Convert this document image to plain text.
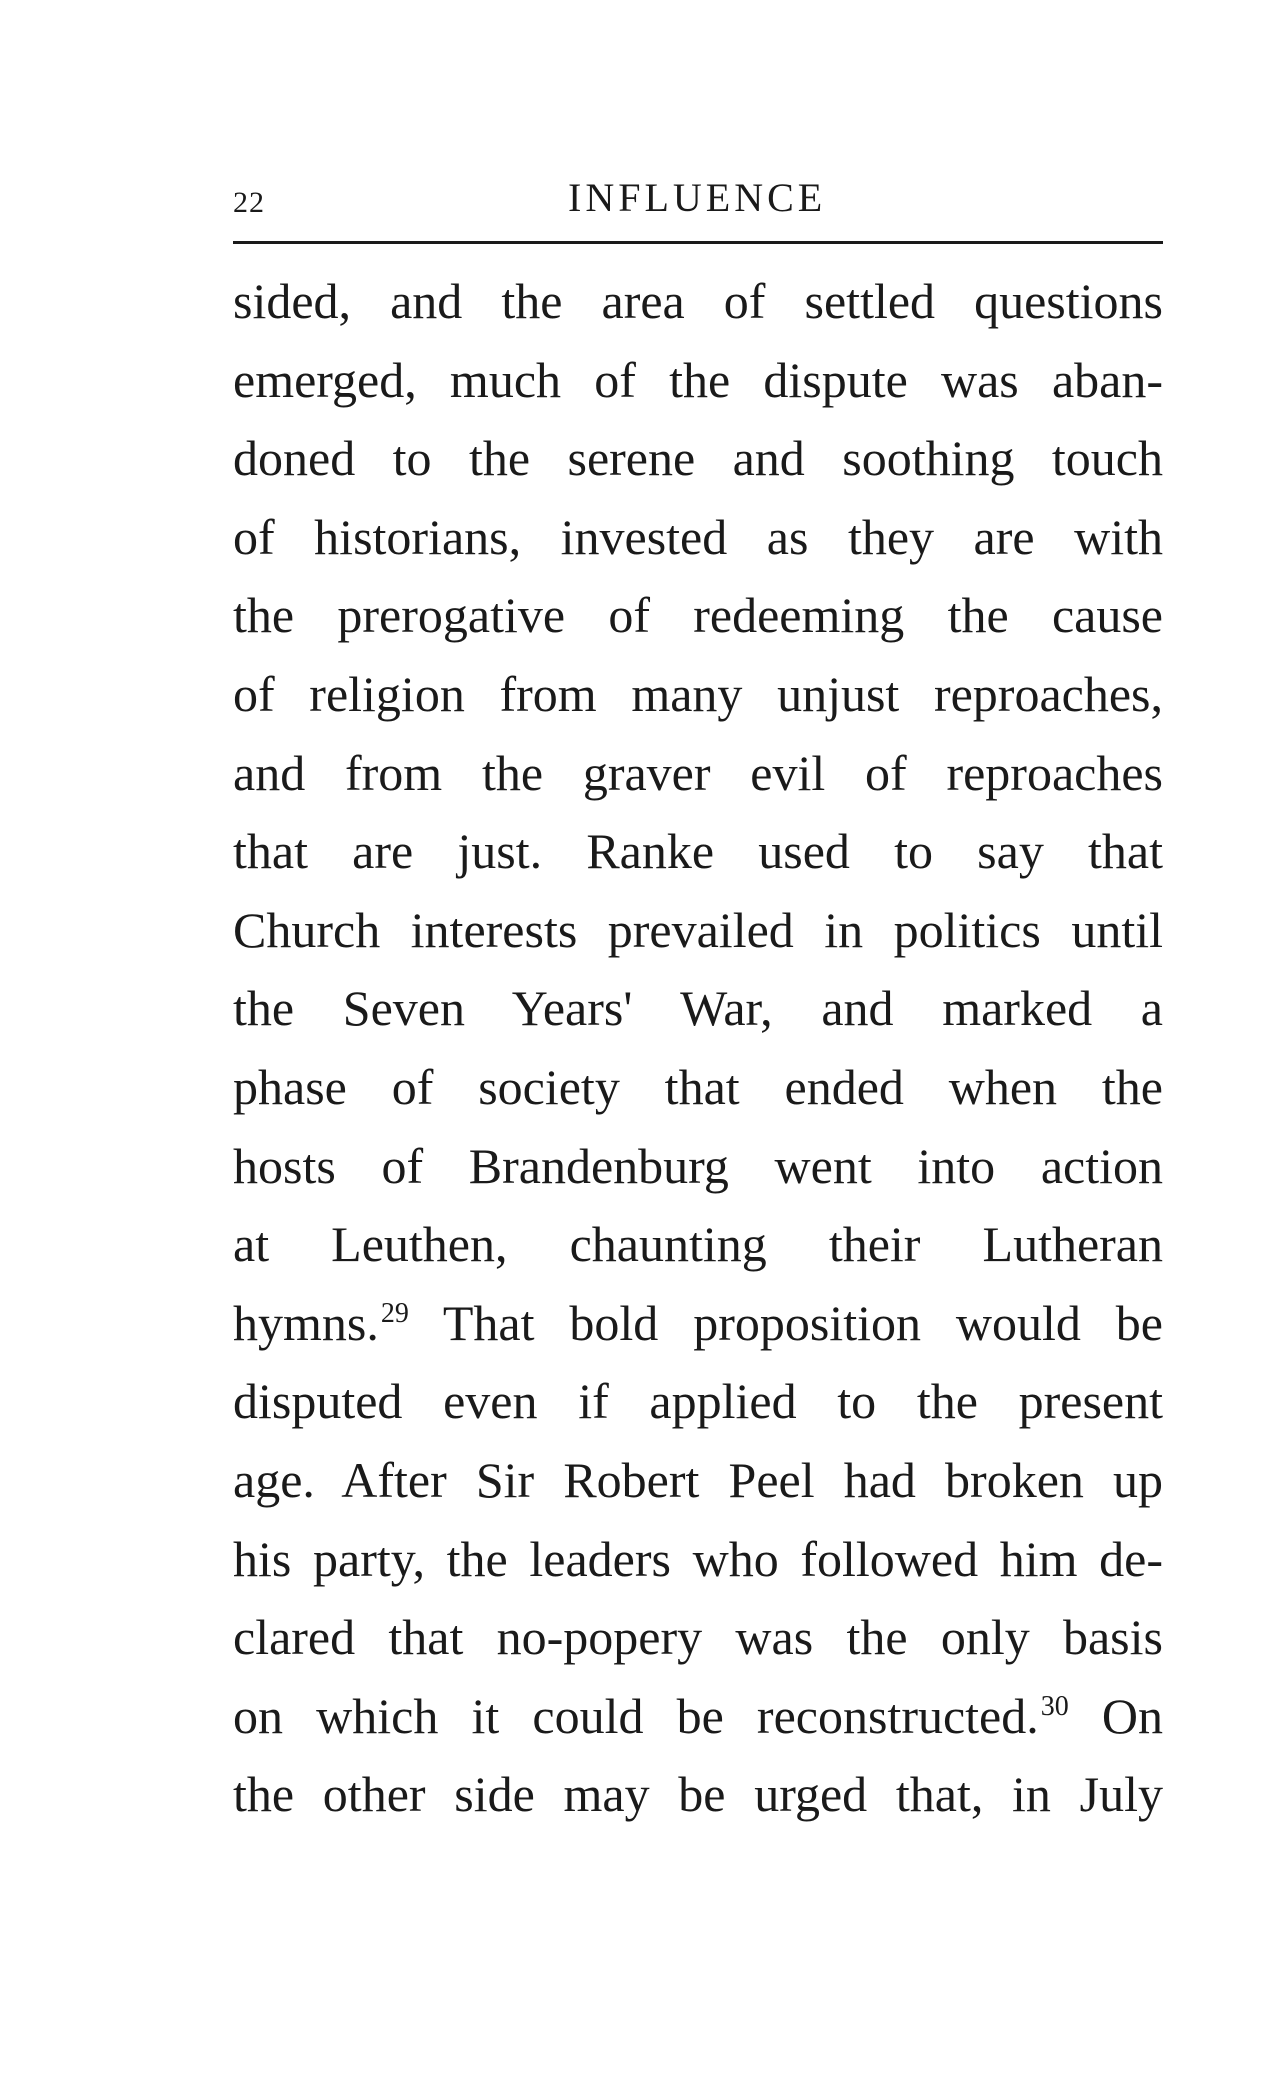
22	INFLUENCE
sided, and the area of settled questions
emerged, much of the dispute was aban-
doned to the serene and soothing touch
of historians, invested as they are with
the prerogative of redeeming the cause
of religion from many unjust reproaches,
and from the graver evil of reproaches
that are just. Ranke used to say that
Church interests prevailed in politics until
the Seven Years' War, and marked a
phase of society that ended when the
hosts of Brandenburg went into action
at Leuthen, chaunting their Lutheran
hymns.$^{29}$ That bold proposition would be
disputed even if applied to the present
age. After Sir Robert Peel had broken up
his party, the leaders who followed him de-
clared that no-popery was the only basis
on which it could be reconstructed.$^{30}$ On
the other side may be urged that, in July
